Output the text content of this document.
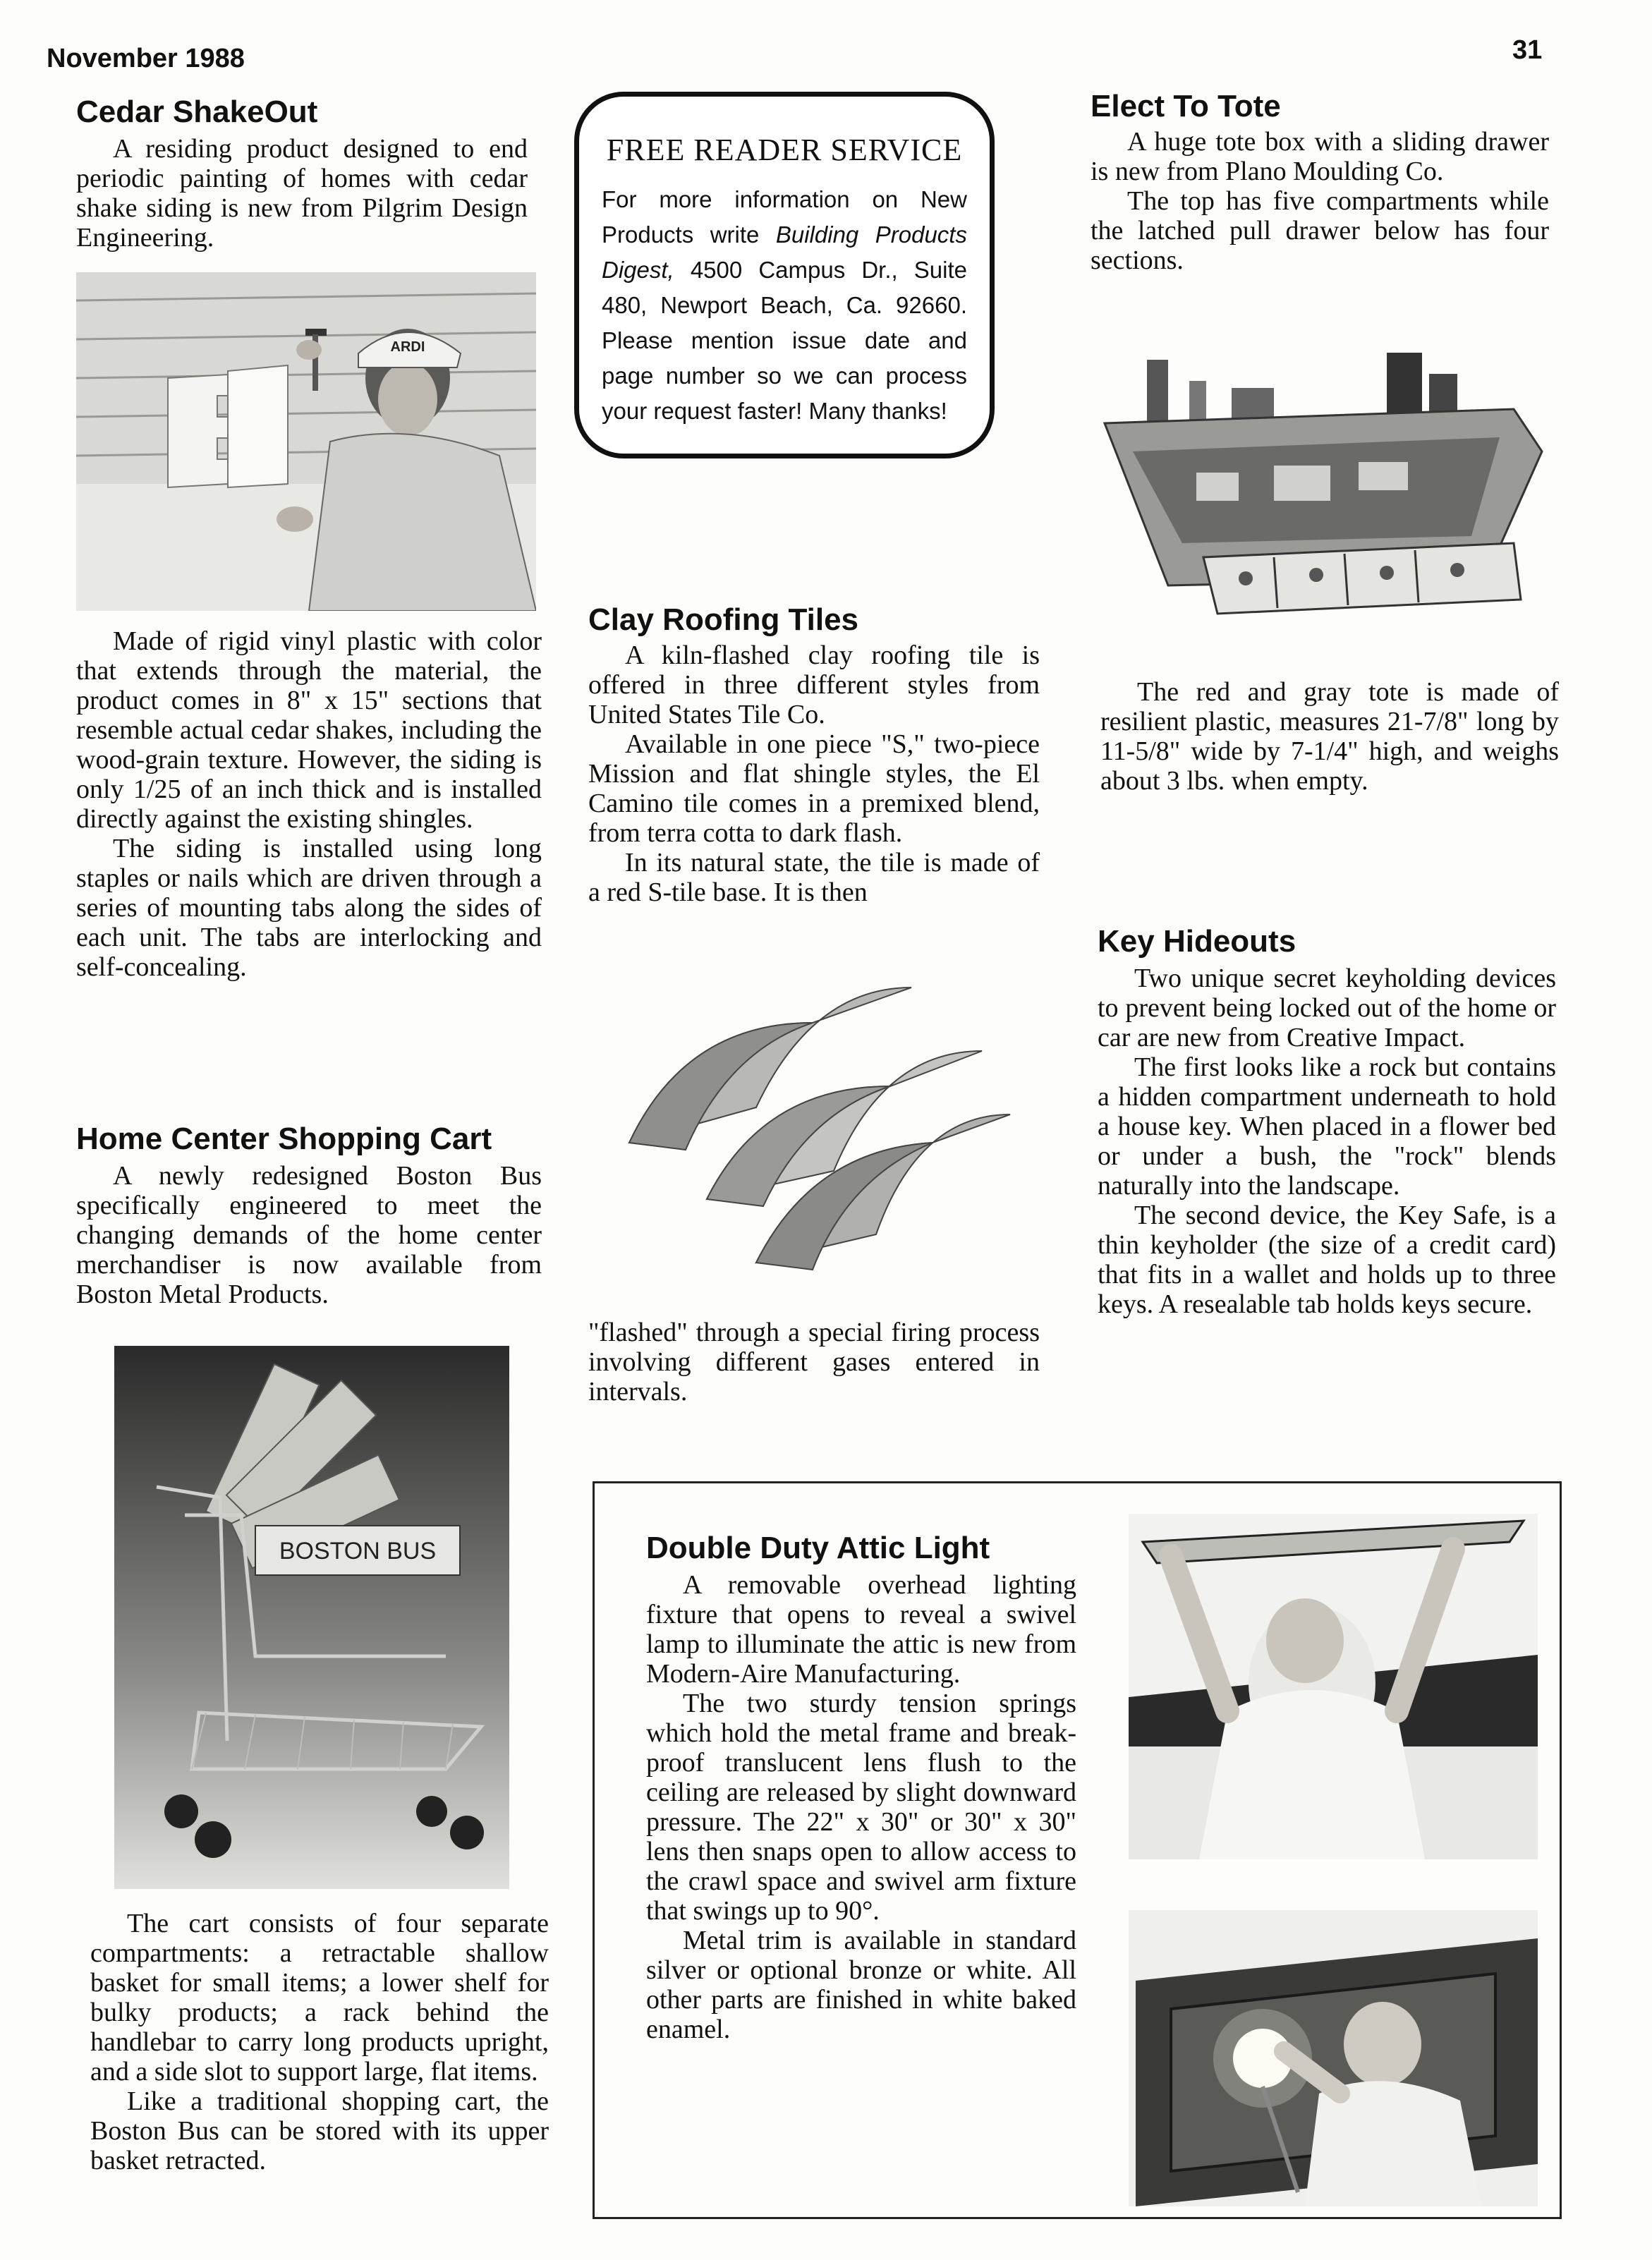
November 1988	31
Cedar ShakeOut

A residing product designed to end periodic painting of homes with cedar shake siding is new from Pilgrim Design Engineering.

ARDI

Made of rigid vinyl plastic with color that extends through the material, the product comes in 8" x 15" sections that resemble actual cedar shakes, including the wood-grain texture. However, the siding is only 1/25 of an inch thick and is installed directly against the existing shingles.

The siding is installed using long staples or nails which are driven through a series of mounting tabs along the sides of each unit. The tabs are interlocking and self-concealing.

Home Center Shopping Cart

A newly redesigned Boston Bus specifically engineered to meet the changing demands of the home center merchandiser is now available from Boston Metal Products.

BOSTON BUS

The cart consists of four separate compartments: a retractable shallow basket for small items; a lower shelf for bulky products; a rack behind the handlebar to carry long products upright, and a side slot to support large, flat items.

Like a traditional shopping cart, the Boston Bus can be stored with its upper basket retracted.

FREE READER SERVICE
For more information on New Products write Building Products Digest, 4500 Campus Dr., Suite 480, Newport Beach, Ca. 92660. Please mention issue date and page number so we can process your request faster! Many thanks!
Clay Roofing Tiles

A kiln-flashed clay roofing tile is offered in three different styles from United States Tile Co.

Available in one piece "S," two-piece Mission and flat shingle styles, the El Camino tile comes in a premixed blend, from terra cotta to dark flash.

In its natural state, the tile is made of a red S-tile base. It is then

"flashed" through a special firing process involving different gases entered in intervals.

Elect To Tote

A huge tote box with a sliding drawer is new from Plano Moulding Co.

The top has five compartments while the latched pull drawer below has four sections.

The red and gray tote is made of resilient plastic, measures 21-7/8" long by 11-5/8" wide by 7-1/4" high, and weighs about 3 lbs. when empty.

Key Hideouts

Two unique secret keyholding devices to prevent being locked out of the home or car are new from Creative Impact.

The first looks like a rock but contains a hidden compartment underneath to hold a house key. When placed in a flower bed or under a bush, the "rock" blends naturally into the landscape.

The second device, the Key Safe, is a thin keyholder (the size of a credit card) that fits in a wallet and holds up to three keys. A resealable tab holds keys secure.

Double Duty Attic Light

A removable overhead lighting fixture that opens to reveal a swivel lamp to illuminate the attic is new from Modern-Aire Manufacturing.

The two sturdy tension springs which hold the metal frame and break-proof translucent lens flush to the ceiling are released by slight downward pressure. The 22" x 30" or 30" x 30" lens then snaps open to allow access to the crawl space and swivel arm fixture that swings up to 90°.

Metal trim is available in standard silver or optional bronze or white. All other parts are finished in white baked enamel.
